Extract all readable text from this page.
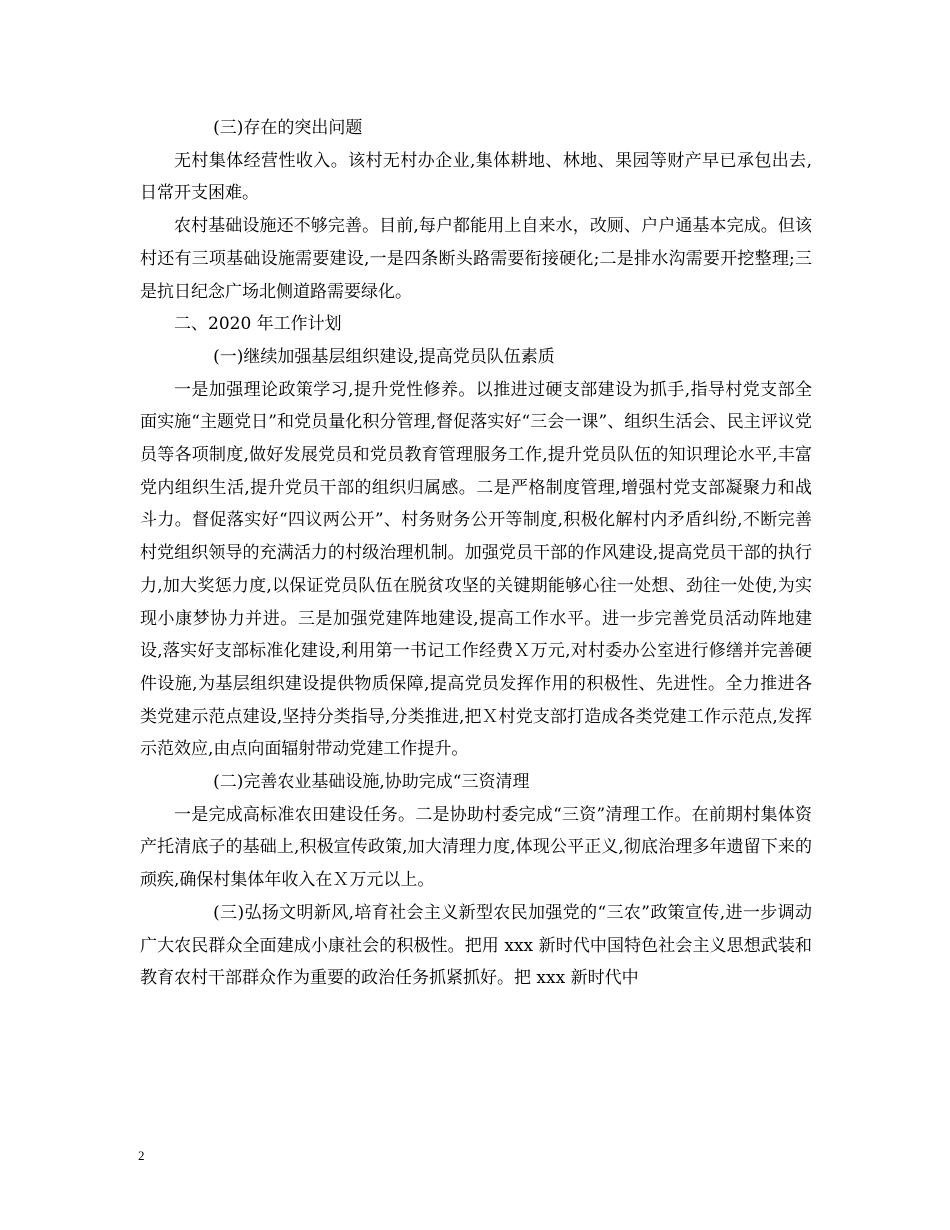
(三)存在的突出问题

无村集体经营性收入。该村无村办企业,集体耕地、林地、果园等财产早已承包出去,日常开支困难。

农村基础设施还不够完善。目前,每户都能用上自来水，改厕、户户通基本完成。但该村还有三项基础设施需要建设,一是四条断头路需要衔接硬化;二是排水沟需要开挖整理;三是抗日纪念广场北侧道路需要绿化。

二、2020 年工作计划

(一)继续加强基层组织建设,提高党员队伍素质

一是加强理论政策学习,提升党性修养。以推进过硬支部建设为抓手,指导村党支部全面实施“主题党日”和党员量化积分管理,督促落实好“三会一课”、组织生活会、民主评议党员等各项制度,做好发展党员和党员教育管理服务工作,提升党员队伍的知识理论水平,丰富党内组织生活,提升党员干部的组织归属感。二是严格制度管理,增强村党支部凝聚力和战斗力。督促落实好“四议两公开”、村务财务公开等制度,积极化解村内矛盾纠纷,不断完善村党组织领导的充满活力的村级治理机制。加强党员干部的作风建设,提高党员干部的执行力,加大奖惩力度,以保证党员队伍在脱贫攻坚的关键期能够心往一处想、劲往一处使,为实现小康梦协力并进。三是加强党建阵地建设,提高工作水平。进一步完善党员活动阵地建设,落实好支部标准化建设,利用第一书记工作经费Ｘ万元,对村委办公室进行修缮并完善硬件设施,为基层组织建设提供物质保障,提高党员发挥作用的积极性、先进性。全力推进各类党建示范点建设,坚持分类指导,分类推进,把Ｘ村党支部打造成各类党建工作示范点,发挥示范效应,由点向面辐射带动党建工作提升。

(二)完善农业基础设施,协助完成“三资清理

一是完成高标准农田建设任务。二是协助村委完成“三资”清理工作。在前期村集体资产托清底子的基础上,积极宣传政策,加大清理力度,体现公平正义,彻底治理多年遗留下来的顽疾,确保村集体年收入在Ｘ万元以上。

(三)弘扬文明新风,培育社会主义新型农民加强党的“三农”政策宣传,进一步调动广大农民群众全面建成小康社会的积极性。把用 xxx 新时代中国特色社会主义思想武装和教育农村干部群众作为重要的政治任务抓紧抓好。把 xxx 新时代中

2
